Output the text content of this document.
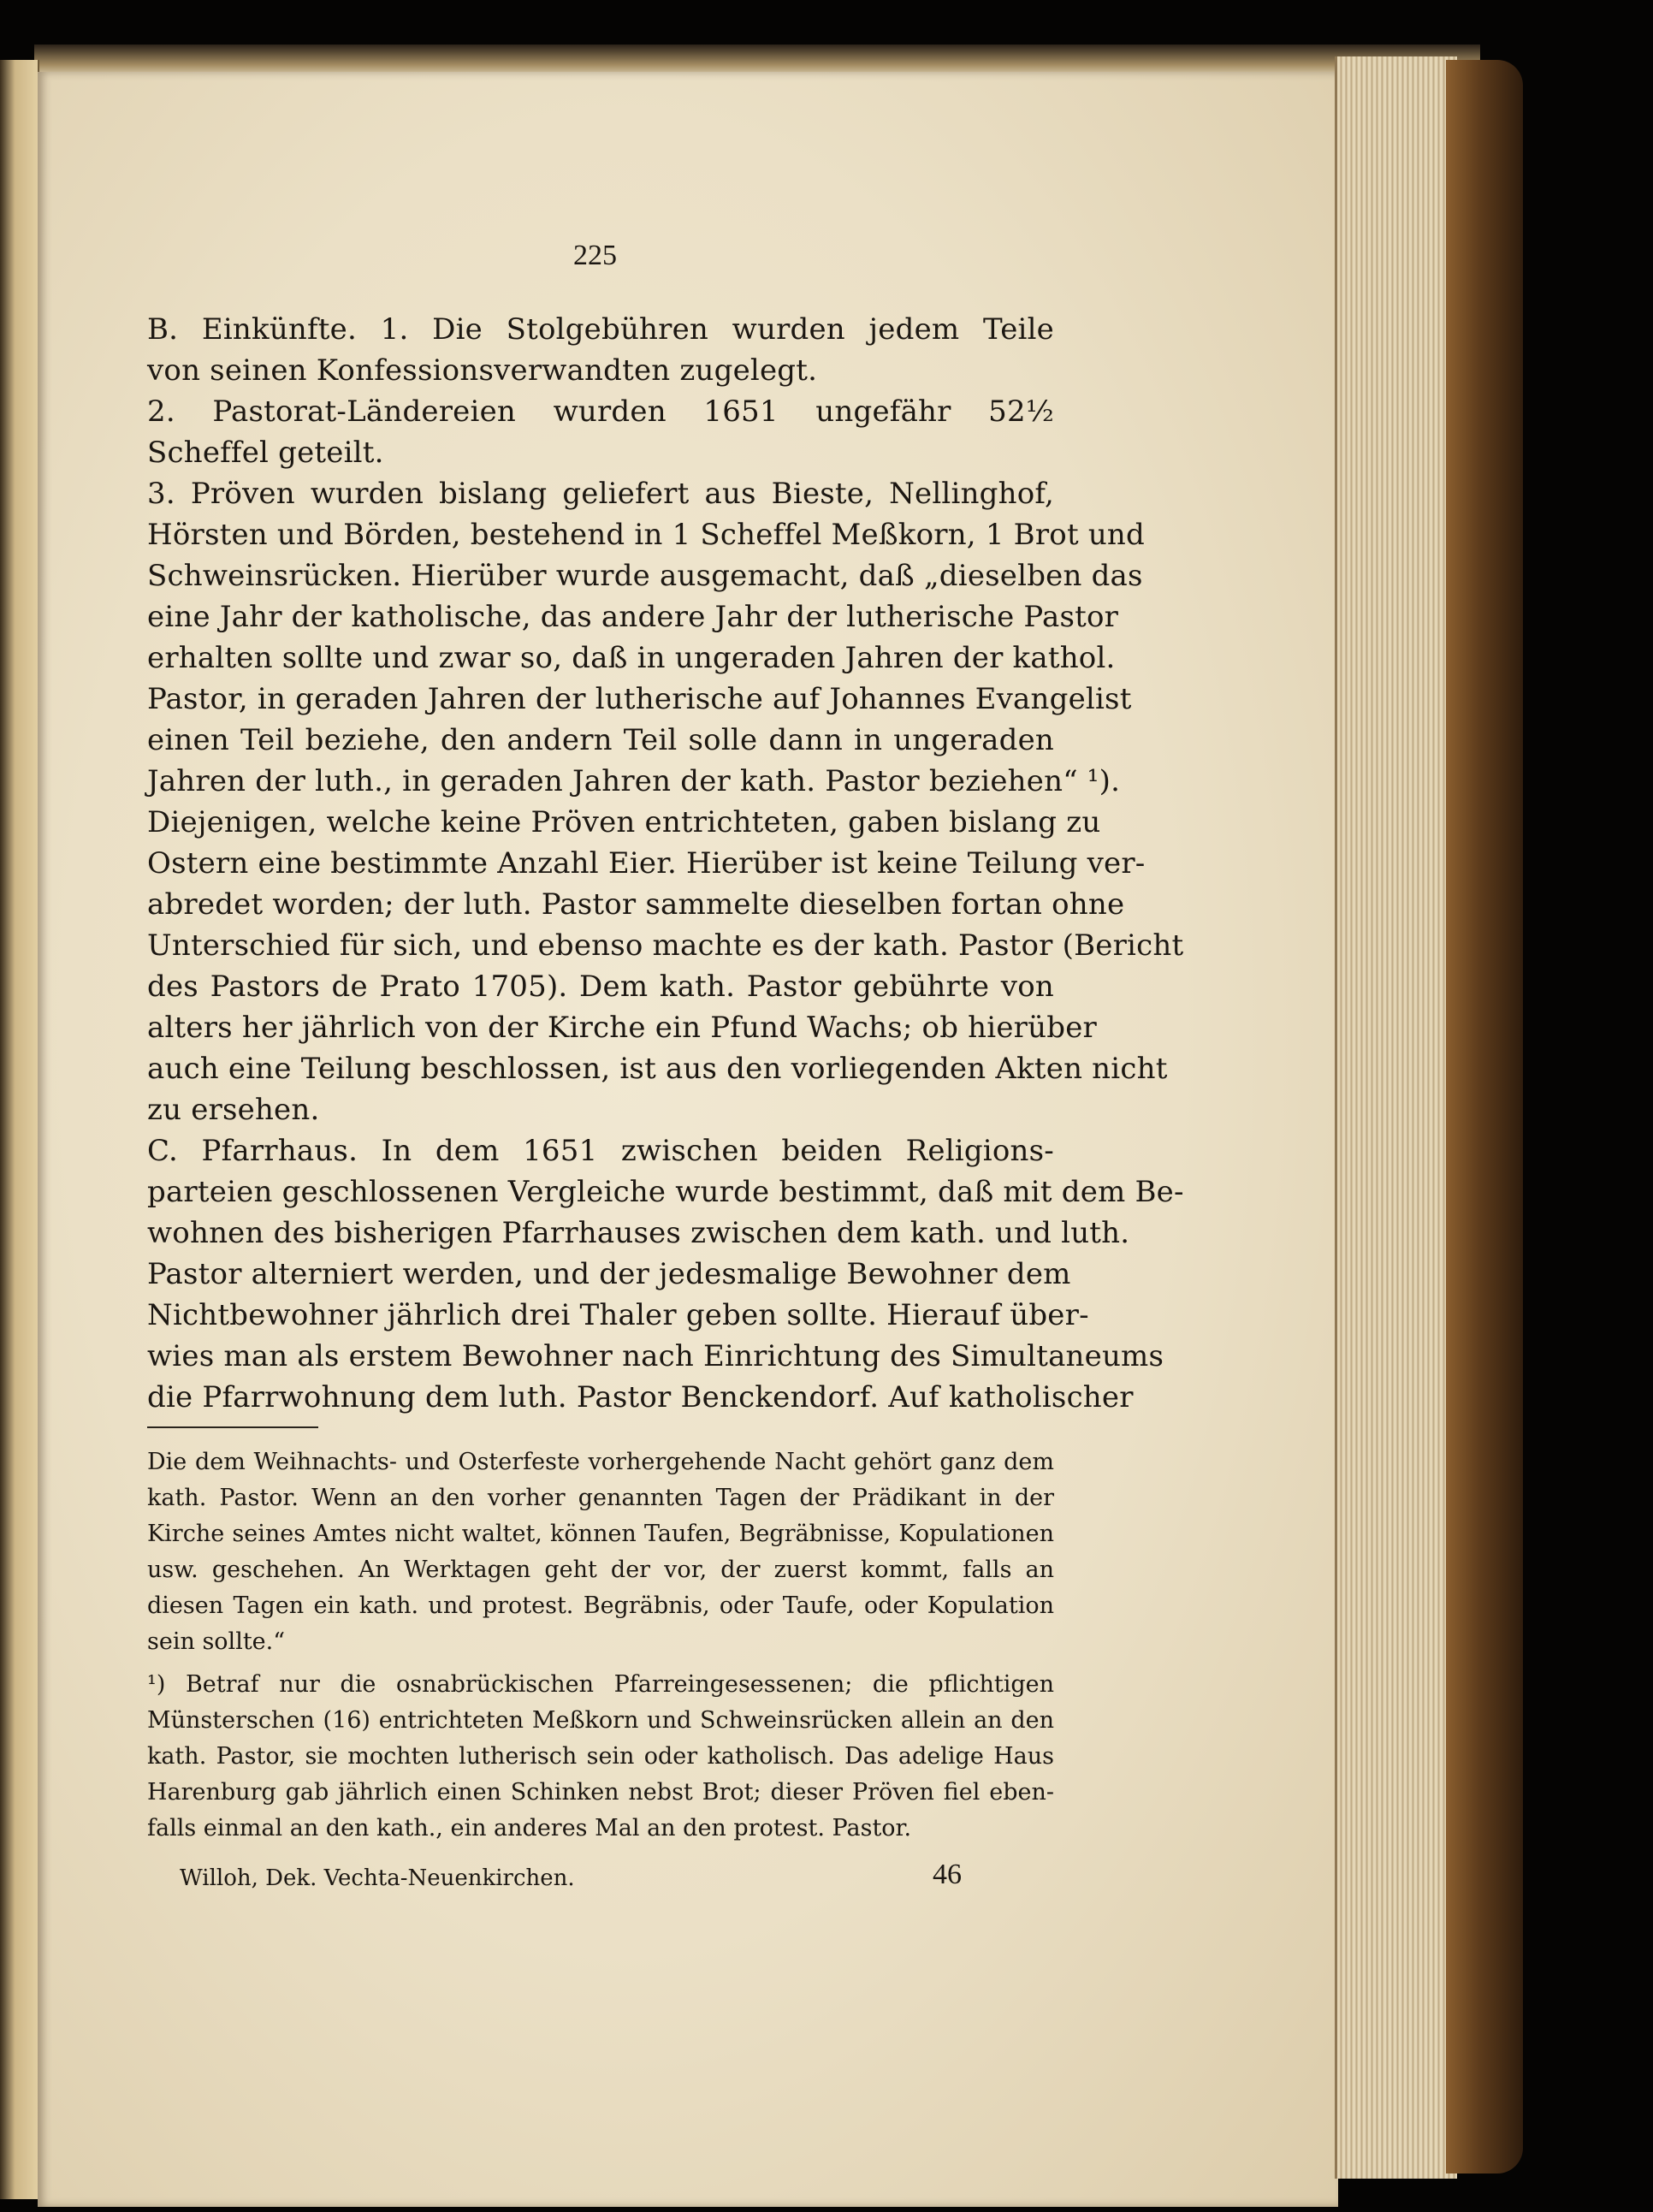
225
B. Einkünfte. 1. Die Stolgebühren wurden jedem Teile
von seinen Konfessionsverwandten zugelegt.
2. Pastorat-Ländereien wurden 1651 ungefähr 52½
Scheffel geteilt.
3. Pröven wurden bislang geliefert aus Bieste, Nellinghof,
Hörsten und Börden, bestehend in 1 Scheffel Meßkorn, 1 Brot und
Schweinsrücken. Hierüber wurde ausgemacht, daß „dieselben das
eine Jahr der katholische, das andere Jahr der lutherische Pastor
erhalten sollte und zwar so, daß in ungeraden Jahren der kathol.
Pastor, in geraden Jahren der lutherische auf Johannes Evangelist
einen Teil beziehe, den andern Teil solle dann in ungeraden
Jahren der luth., in geraden Jahren der kath. Pastor beziehen“ ¹).
Diejenigen, welche keine Pröven entrichteten, gaben bislang zu
Ostern eine bestimmte Anzahl Eier. Hierüber ist keine Teilung ver-
abredet worden; der luth. Pastor sammelte dieselben fortan ohne
Unterschied für sich, und ebenso machte es der kath. Pastor (Bericht
des Pastors de Prato 1705). Dem kath. Pastor gebührte von
alters her jährlich von der Kirche ein Pfund Wachs; ob hierüber
auch eine Teilung beschlossen, ist aus den vorliegenden Akten nicht
zu ersehen.
C. Pfarrhaus. In dem 1651 zwischen beiden Religions-
parteien geschlossenen Vergleiche wurde bestimmt, daß mit dem Be-
wohnen des bisherigen Pfarrhauses zwischen dem kath. und luth.
Pastor alterniert werden, und der jedesmalige Bewohner dem
Nichtbewohner jährlich drei Thaler geben sollte. Hierauf über-
wies man als erstem Bewohner nach Einrichtung des Simultaneums
die Pfarrwohnung dem luth. Pastor Benckendorf. Auf katholischer
Die dem Weihnachts- und Osterfeste vorhergehende Nacht gehört ganz dem
kath. Pastor. Wenn an den vorher genannten Tagen der Prädikant in der
Kirche seines Amtes nicht waltet, können Taufen, Begräbnisse, Kopulationen
usw. geschehen. An Werktagen geht der vor, der zuerst kommt, falls an
diesen Tagen ein kath. und protest. Begräbnis, oder Taufe, oder Kopulation
sein sollte.“
¹) Betraf nur die osnabrückischen Pfarreingesessenen; die pflichtigen
Münsterschen (16) entrichteten Meßkorn und Schweinsrücken allein an den
kath. Pastor, sie mochten lutherisch sein oder katholisch. Das adelige Haus
Harenburg gab jährlich einen Schinken nebst Brot; dieser Pröven fiel eben-
falls einmal an den kath., ein anderes Mal an den protest. Pastor.
Willoh, Dek. Vechta-Neuenkirchen.	46
